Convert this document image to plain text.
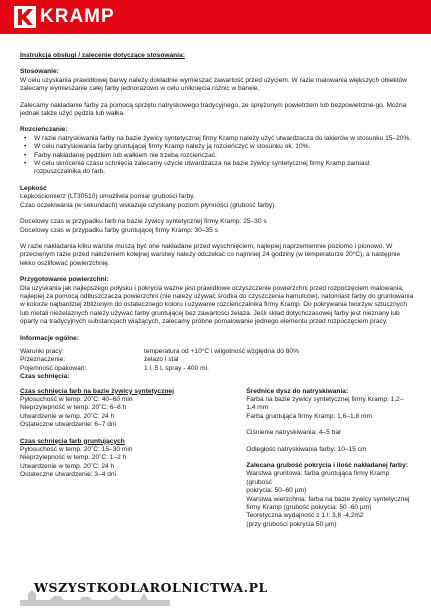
KRAMP

Instrukcja obsługi / zalecenie dotyczące stosowania:

Stosowanie:

W celu uzyskania prawidłowej barwy należy dokładnie wymieszać zawartość przed użyciem. W razie malowania większych obiektów zalecamy wymieszanie całej farby jednorazowo w celu uniknięcia różnic w barwie.

Zalecamy nakładanie farby za pomocą sprzętu natryskowego tradycyjnego, ze sprężonym powietrzem lub bezpowietrzne-go. Można jednak także użyć pędzla lub wałka.

Rozcieńczanie:

• W razie natryskiwania farby na bazie żywicy syntetycznej firmy Kramp należy użyć utwardzacza do lakierów w stosunku 15–20%.
• W celu natryskiwania farby gruntującej firmy Kramp należy ją rozcieńczyć w stosunku ok. 10%.
• Farby nakładanej pędzlem lub wałkiem nie trzeba rozcieńczać.
• W celu skrócenia czasu schnięcia zalecamy użycie utwardzacza na bazie żywicy syntetycznej firmy Kramp zamiast rozpuszczalnika do farb.

Lepkość

Lepkościomierz (LT30510) umożliwia pomiar grubości farby.

Czas oczekiwania (w sekundach) wskazuje uzyskany poziom płynności (grubość farby).

Docelowy czas w przypadku farb na bazie żywicy syntetycznej firmy Kramp: 25–30 s

Docelowy czas w przypadku farby gruntującej firmy Kramp: 30–35 s

W razie nakładania kilku warstw muszą być one nakładane przed wyschnięciem, najlepiej naprzemiennie poziomo i pionowo. W przeciwnym razie przed nałożeniem kolejnej warstwy należy odczekać co najmniej 24 godziny (w temperaturze 20°C), a następnie lekko oszlifować powierzchnię.

Przygotowanie powierzchni:

Dla uzyskania jak najlepszego połysku i pokrycia ważne jest prawidłowe oczyszczenie powierzchni przed rozpoczęciem malowania, najlepiej za pomocą odtłuszczacza powierzchni (nie należy używać środka do czyszczenia hamulców), natomiast farby do gruntowania w kolorze najbardziej zbliżonym do ostatecznego koloru i używanie rozcieńczalnika firmy Kramp. Do pokrywania tworzyw sztucznych lub metali nieżelaznych należy używać farby gruntującej bez zawartości żelaza. Jeśli skład dotychczasowej farby jest nieznany lub oparty na tradycyjnych substancjach wiążących, zalecamy próbne pomalowanie jednego elementu przed rozpoczęciem pracy.

Informacje ogólne:

Warunki pracy:	temperatura od +10°C i wilgotność względna do 80%
Przeznaczenie:	żelazo i stal
Pojemność opakowań:	1 l, 5 l, spray - 400 ml.

Czas schnięcia:

Czas schnięcia farb na bazie żywicy syntetycznej

Pyłosuchość w temp. 20˚C: 40–60 min

Nieprzylepność w temp. 20˚C: 6–8 h

Utwardzenie w temp. 20˚C: 24 h

Ostateczne utwardzenie: 6–7 dni

Czas schnięcia farb gruntujących

Pyłosuchość w temp. 20˚C: 15–30 min

Nieprzylepność w temp. 20˚C: 1–2 h

Utwardzenie w temp. 20˚C: 24 h

Ostateczne utwardzenie: 3–4 dni

Średnice dysz do natryskiwania:

Farba na bazie żywicy syntetycznej firmy Kramp: 1,2–

1,4 mm

Farba gruntująca firmy Kramp: 1,6–1,8 mm

Ciśnienie natryskiwania: 4–5 bar

Odległość natryskiwania farby: 10–15 cm

Zalecana grubość pokrycia i ilość nakładanej farby:

Warstwa gruntowa: farba gruntująca firmy Kramp (grubość

pokrycia: 50–60 µm)

Warstwa wierzchnia: farba na bazie żywicy syntetycznej

firmy Kramp (grubość pokrycia: 50 -60 µm)

Teoretyczna wydajność z 1 l: 3,8 -4,2m2

(przy grubości pokrycia 50 µm)

WSZYSTKODLAROLNICTWA.PL
